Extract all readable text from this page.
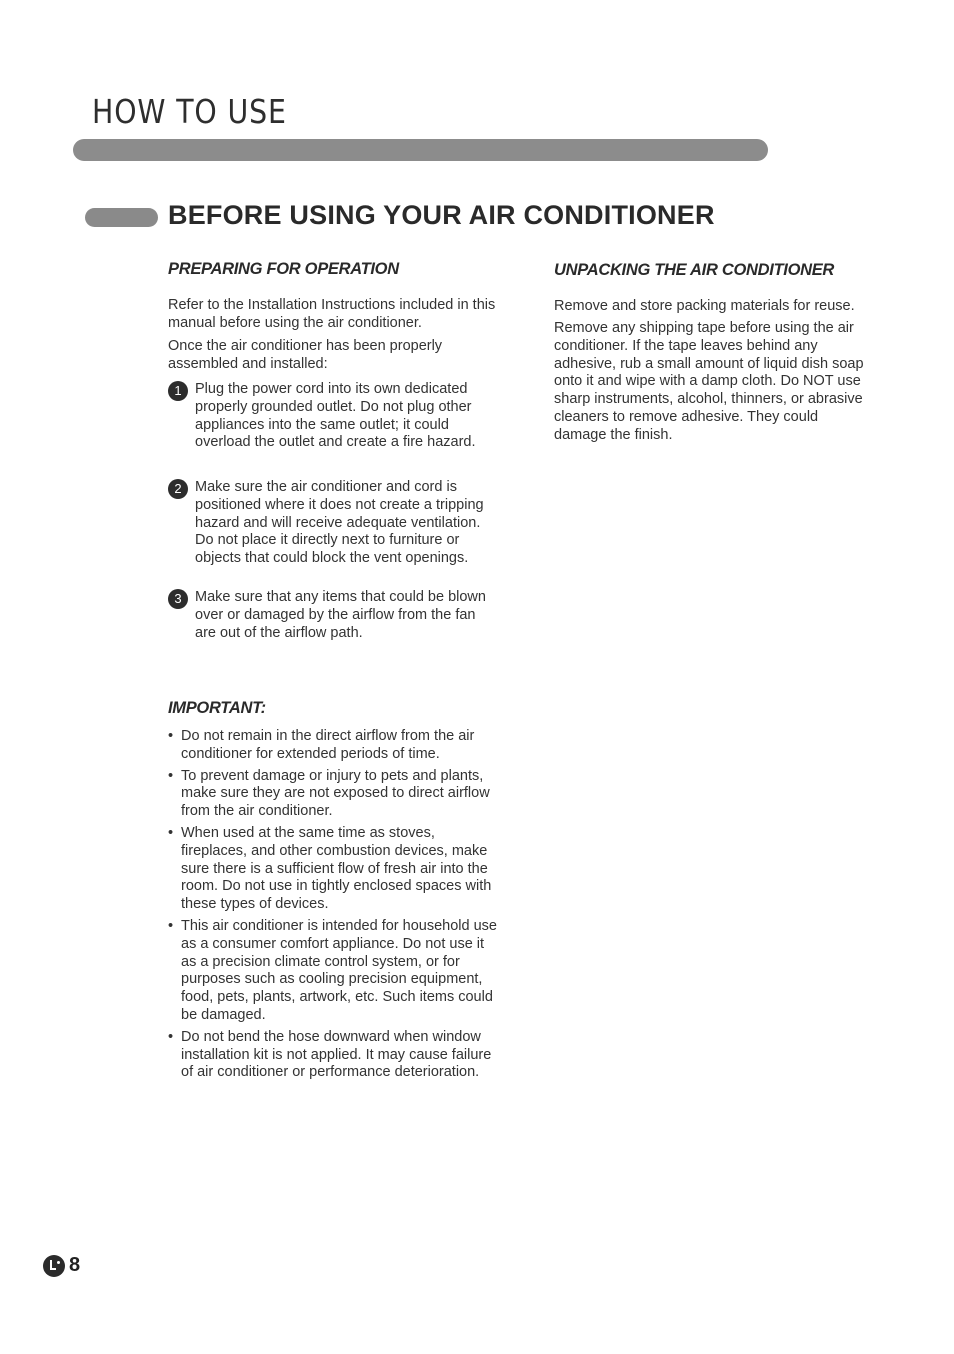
HOW TO USE
BEFORE USING YOUR AIR CONDITIONER
PREPARING FOR OPERATION
Refer to the Installation Instructions included in this manual before using the air conditioner.
Once the air conditioner has been properly assembled and installed:
1 Plug the power cord into its own dedicated properly grounded outlet. Do not plug other appliances into the same outlet; it could overload the outlet and create a fire hazard.
2 Make sure the air conditioner and cord is positioned where it does not create a tripping hazard and will receive adequate ventilation. Do not place it directly next to furniture or objects that could block the vent openings.
3 Make sure that any items that could be blown over or damaged by the airflow from the fan are out of the airflow path.
IMPORTANT:
• Do not remain in the direct airflow from the air conditioner for extended periods of time.
• To prevent damage or injury to pets and plants, make sure they are not exposed to direct airflow from the air conditioner.
• When used at the same time as stoves, fireplaces, and other combustion devices, make sure there is a sufficient flow of fresh air into the room. Do not use in tightly enclosed spaces with these types of devices.
• This air conditioner is intended for household use as a consumer comfort appliance. Do not use it as a precision climate control system, or for purposes such as cooling precision equipment, food, pets, plants, artwork, etc. Such items could be damaged.
• Do not bend the hose downward when window installation kit is not applied. It may cause failure of air conditioner or performance deterioration.
UNPACKING THE AIR CONDITIONER
Remove and store packing materials for reuse.
Remove any shipping tape before using the air conditioner. If the tape leaves behind any adhesive, rub a small amount of liquid dish soap onto it and wipe with a damp cloth. Do NOT use sharp instruments, alcohol, thinners, or abrasive cleaners to remove adhesive. They could damage the finish.
8
